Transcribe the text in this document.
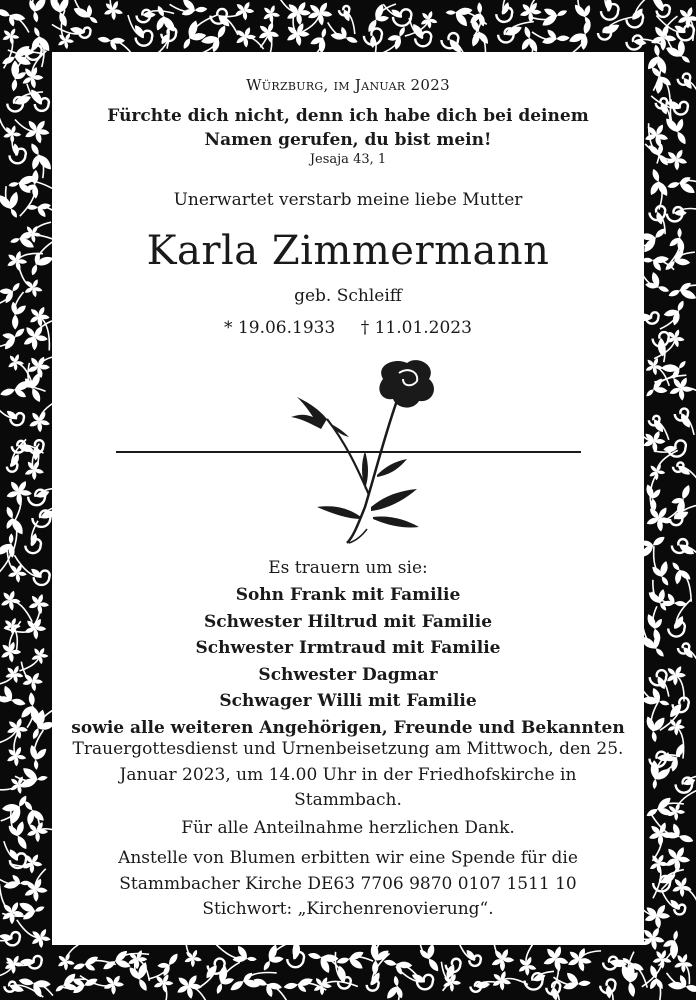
Würzburg, im Januar 2023
Fürchte dich nicht, denn ich habe dich bei deinem Namen gerufen, du bist mein!
Jesaja 43, 1
Unerwartet verstarb meine liebe Mutter
Karla Zimmermann
geb. Schleiff
* 19.06.1933 † 11.01.2023
Es trauern um sie:
Sohn Frank mit Familie
Schwester Hiltrud mit Familie
Schwester Irmtraud mit Familie
Schwester Dagmar
Schwager Willi mit Familie
sowie alle weiteren Angehörigen, Freunde und Bekannten
Trauergottesdienst und Urnenbeisetzung am Mittwoch, den 25. Januar 2023, um 14.00 Uhr in der Friedhofskirche in Stammbach.
Für alle Anteilnahme herzlichen Dank.
Anstelle von Blumen erbitten wir eine Spende für die
Stammbacher Kirche DE63 7706 9870 0107 1511 10
Stichwort: „Kirchenrenovierung“.
